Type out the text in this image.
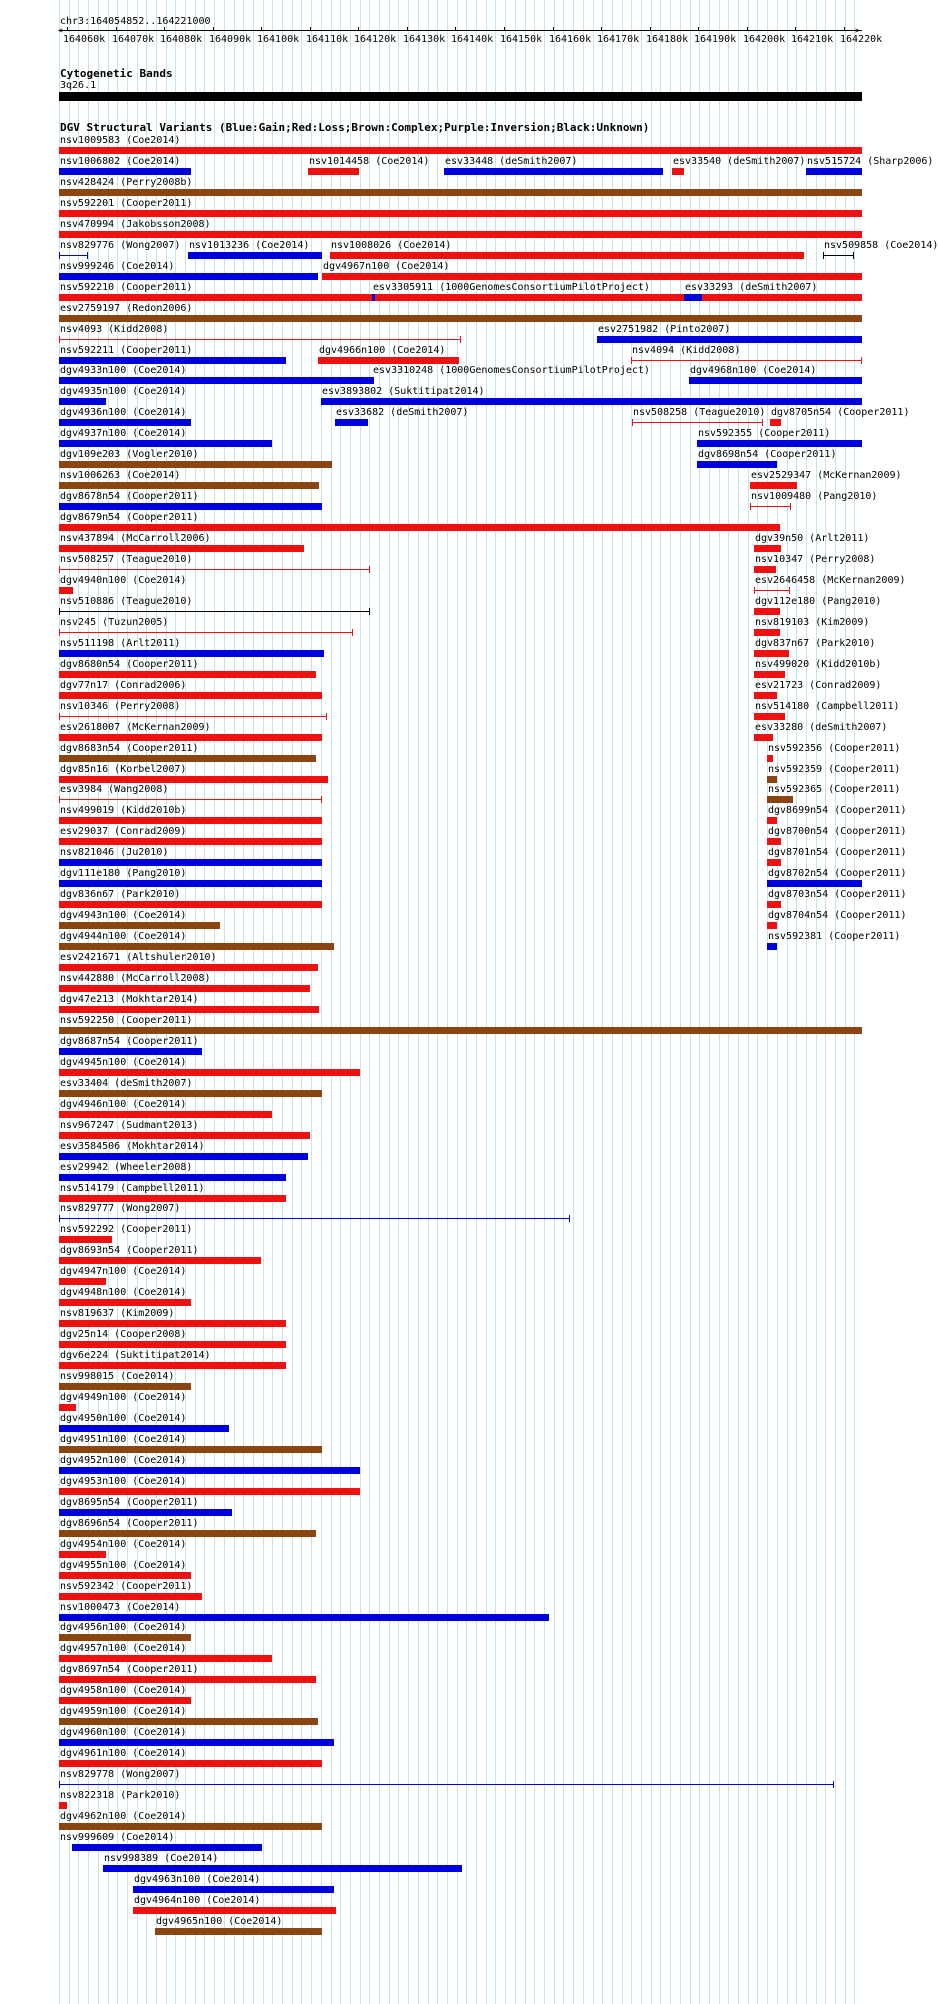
chr3:164054852..164221000
<	>
164060k 164070k 164080k 164090k 164100k 164110k 164120k 164130k 164140k 164150k 164160k 164170k 164180k 164190k 164200k 164210k 164220k
Cytogenetic Bands
3q26.1
DGV Structural Variants (Blue:Gain;Red:Loss;Brown:Complex;Purple:Inversion;Black:Unknown)
nsv1009583 (Coe2014)
nsv1006802 (Coe2014)	nsv1014458 (Coe2014) esv33448 (deSmith2007)	esv33540 (deSmith2007) nsv515724 (Sharp2006)
nsv428424 (Perry2008b)
nsv592201 (Cooper2011)
nsv470994 (Jakobsson2008)
nsv829776 (Wong2007) nsv1013236 (Coe2014) nsv1008026 (Coe2014)	nsv509858 (Coe2014)
nsv999246 (Coe2014)	dgv4967n100 (Coe2014)
nsv592210 (Cooper2011)	esv3305911 (1000GenomesConsortiumPilotProject)	esv33293 (deSmith2007)
esv2759197 (Redon2006)
nsv4093 (Kidd2008)	esv2751982 (Pinto2007)
nsv592211 (Cooper2011)	dgv4966n100 (Coe2014)	nsv4094 (Kidd2008)
dgv4933n100 (Coe2014)	esv3310248 (1000GenomesConsortiumPilotProject)	dgv4968n100 (Coe2014)
dgv4935n100 (Coe2014)	esv3893802 (Suktitipat2014)
dgv4936n100 (Coe2014)	esv33682 (deSmith2007)	nsv508258 (Teague2010) dgv8705n54 (Cooper2011)
dgv4937n100 (Coe2014)	nsv592355 (Cooper2011)
dgv109e203 (Vogler2010)	dgv8698n54 (Cooper2011)
nsv1006263 (Coe2014)	esv2529347 (McKernan2009)
dgv8678n54 (Cooper2011)	nsv1009480 (Pang2010)
dgv8679n54 (Cooper2011)
nsv437894 (McCarroll2006)	dgv39n50 (Arlt2011)
nsv508257 (Teague2010)	nsv10347 (Perry2008)
dgv4940n100 (Coe2014)	esv2646458 (McKernan2009)
nsv510886 (Teague2010)	dgv112e180 (Pang2010)
nsv245 (Tuzun2005)	nsv819103 (Kim2009)
nsv511198 (Arlt2011)	dgv837n67 (Park2010)
dgv8680n54 (Cooper2011)	nsv499020 (Kidd2010b)
dgv77n17 (Conrad2006)	esv21723 (Conrad2009)
nsv10346 (Perry2008)	nsv514180 (Campbell2011)
esv2618007 (McKernan2009)	esv33280 (deSmith2007)
dgv8683n54 (Cooper2011)	nsv592356 (Cooper2011)
dgv85n16 (Korbel2007)	nsv592359 (Cooper2011)
esv3984 (Wang2008)	nsv592365 (Cooper2011)
nsv499019 (Kidd2010b)	dgv8699n54 (Cooper2011)
esv29037 (Conrad2009)	dgv8700n54 (Cooper2011)
nsv821046 (Ju2010)	dgv8701n54 (Cooper2011)
dgv111e180 (Pang2010)	dgv8702n54 (Cooper2011)
dgv836n67 (Park2010)	dgv8703n54 (Cooper2011)
dgv4943n100 (Coe2014)	dgv8704n54 (Cooper2011)
dgv4944n100 (Coe2014)	nsv592381 (Cooper2011)
esv2421671 (Altshuler2010)
nsv442880 (McCarroll2008)
dgv47e213 (Mokhtar2014)
nsv592250 (Cooper2011)
dgv8687n54 (Cooper2011)
dgv4945n100 (Coe2014)
esv33404 (deSmith2007)
dgv4946n100 (Coe2014)
nsv967247 (Sudmant2013)
esv3584506 (Mokhtar2014)
esv29942 (Wheeler2008)
nsv514179 (Campbell2011)
nsv829777 (Wong2007)
nsv592292 (Cooper2011)
dgv8693n54 (Cooper2011)
dgv4947n100 (Coe2014)
dgv4948n100 (Coe2014)
nsv819637 (Kim2009)
dgv25n14 (Cooper2008)
dgv6e224 (Suktitipat2014)
nsv998015 (Coe2014)
dgv4949n100 (Coe2014)
dgv4950n100 (Coe2014)
dgv4951n100 (Coe2014)
dgv4952n100 (Coe2014)
dgv4953n100 (Coe2014)
dgv8695n54 (Cooper2011)
dgv8696n54 (Cooper2011)
dgv4954n100 (Coe2014)
dgv4955n100 (Coe2014)
nsv592342 (Cooper2011)
nsv1000473 (Coe2014)
dgv4956n100 (Coe2014)
dgv4957n100 (Coe2014)
dgv8697n54 (Cooper2011)
dgv4958n100 (Coe2014)
dgv4959n100 (Coe2014)
dgv4960n100 (Coe2014)
dgv4961n100 (Coe2014)
nsv829778 (Wong2007)
nsv822318 (Park2010)
dgv4962n100 (Coe2014)
nsv999609 (Coe2014)
nsv998389 (Coe2014)
dgv4963n100 (Coe2014)
dgv4964n100 (Coe2014)
dgv4965n100 (Coe2014)
